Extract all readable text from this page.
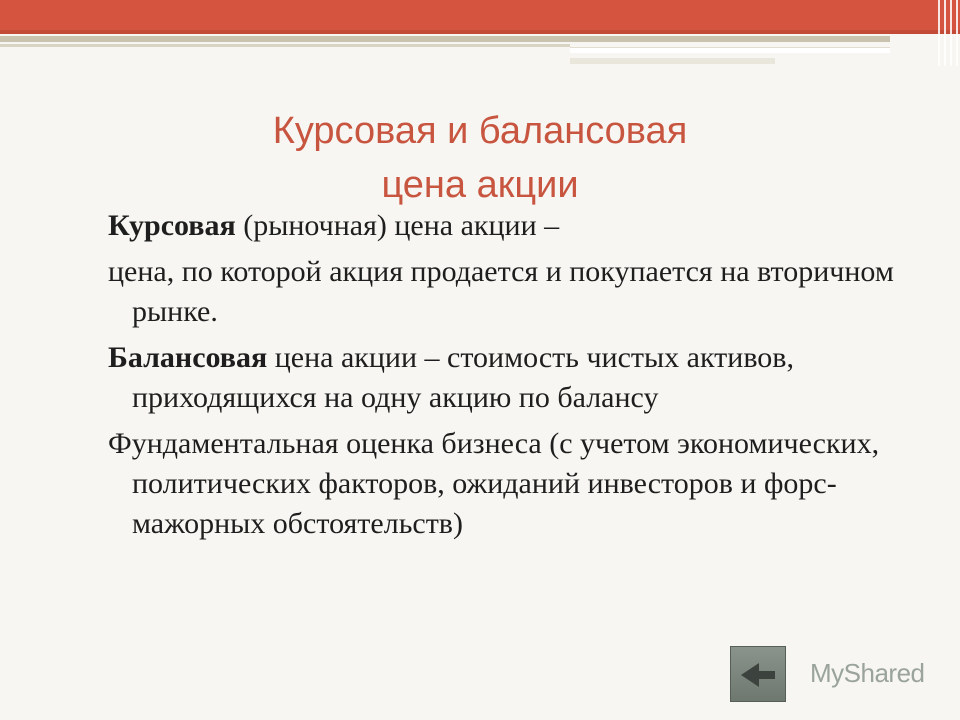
Курсовая и балансовая
цена акции
Курсовая (рыночная) цена акции –
цена, по которой акция продается и покупается на вторичном рынке.
Балансовая цена акции – стоимость чистых активов, приходящихся на одну акцию по балансу
Фундаментальная оценка бизнеса (с учетом экономических, политических факторов, ожиданий инвесторов и форс-мажорных обстоятельств)
MyShared
